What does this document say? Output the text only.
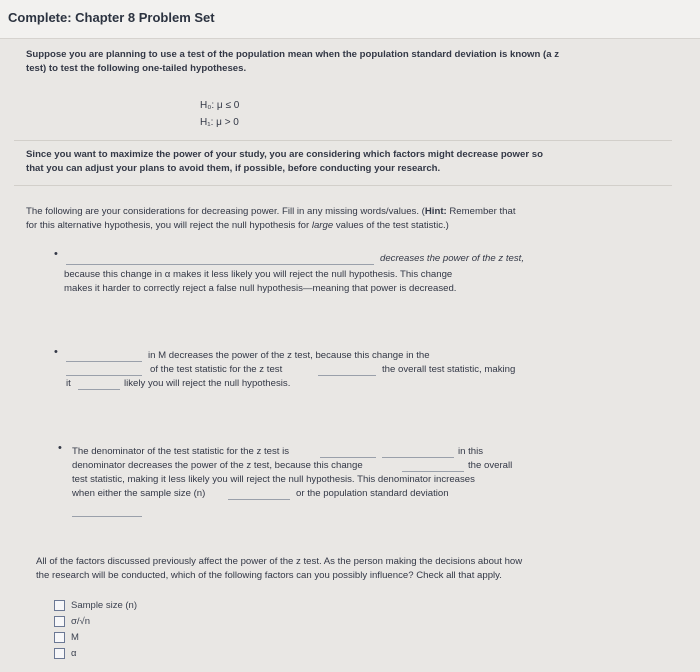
Complete: Chapter 8 Problem Set
Suppose you are planning to use a test of the population mean when the population standard deviation is known (a z
test) to test the following one-tailed hypotheses.
H₀: μ ≤ 0
H₁: μ > 0
Since you want to maximize the power of your study, you are considering which factors might decrease power so
that you can adjust your plans to avoid them, if possible, before conducting your research.
The following are your considerations for decreasing power. Fill in any missing words/values. (Hint: Remember that
for this alternative hypothesis, you will reject the null hypothesis for large values of the test statistic.)
•	decreases the power of the z test,
because this change in α makes it less likely you will reject the null hypothesis. This change
makes it harder to correctly reject a false null hypothesis—meaning that power is decreased.
•	in M decreases the power of the z test, because this change in the
of the test statistic for the z test	the overall test statistic, making
it	likely you will reject the null hypothesis.
• The denominator of the test statistic for the z test is	in this
denominator decreases the power of the z test, because this change	the overall
test statistic, making it less likely you will reject the null hypothesis. This denominator increases
when either the sample size (n)	or the population standard deviation
All of the factors discussed previously affect the power of the z test. As the person making the decisions about how
the research will be conducted, which of the following factors can you possibly influence? Check all that apply.
Sample size (n)
σ/√n
M
α
